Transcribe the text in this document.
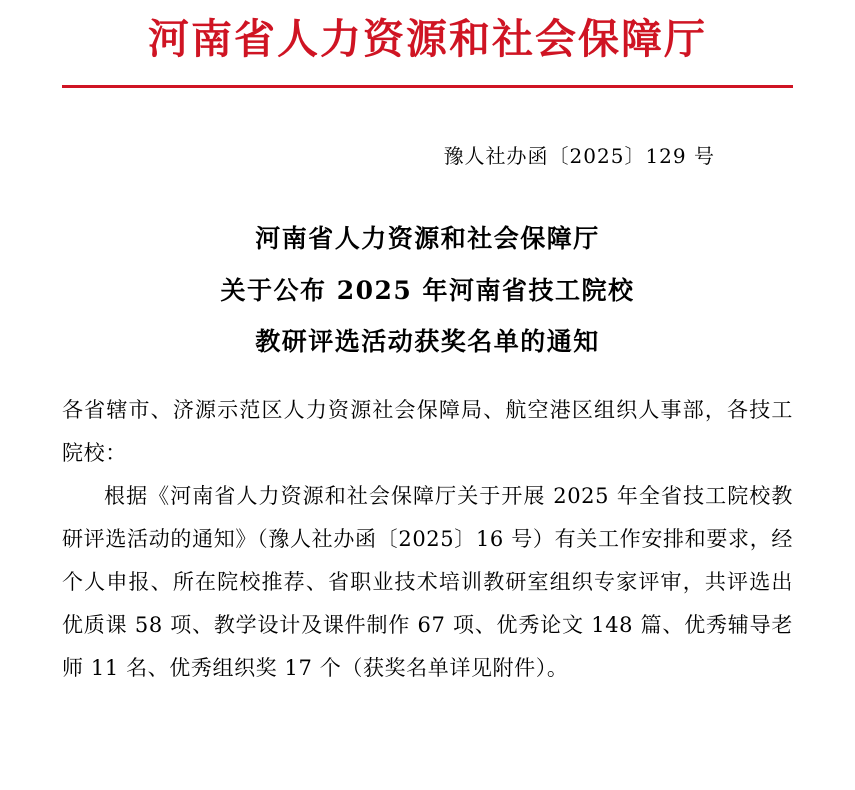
河南省人力资源和社会保障厅
豫人社办函〔2025〕129 号
河南省人力资源和社会保障厅
关于公布 2025 年河南省技工院校
教研评选活动获奖名单的通知

各省辖市、济源示范区人力资源社会保障局、航空港区组织人事部，各技工院校：

根据《河南省人力资源和社会保障厅关于开展 2025 年全省技工院校教研评选活动的通知》（豫人社办函〔2025〕16 号）有关工作安排和要求，经个人申报、所在院校推荐、省职业技术培训教研室组织专家评审，共评选出优质课 58 项、教学设计及课件制作 67 项、优秀论文 148 篇、优秀辅导老师 11 名、优秀组织奖 17 个（获奖名单详见附件）。
